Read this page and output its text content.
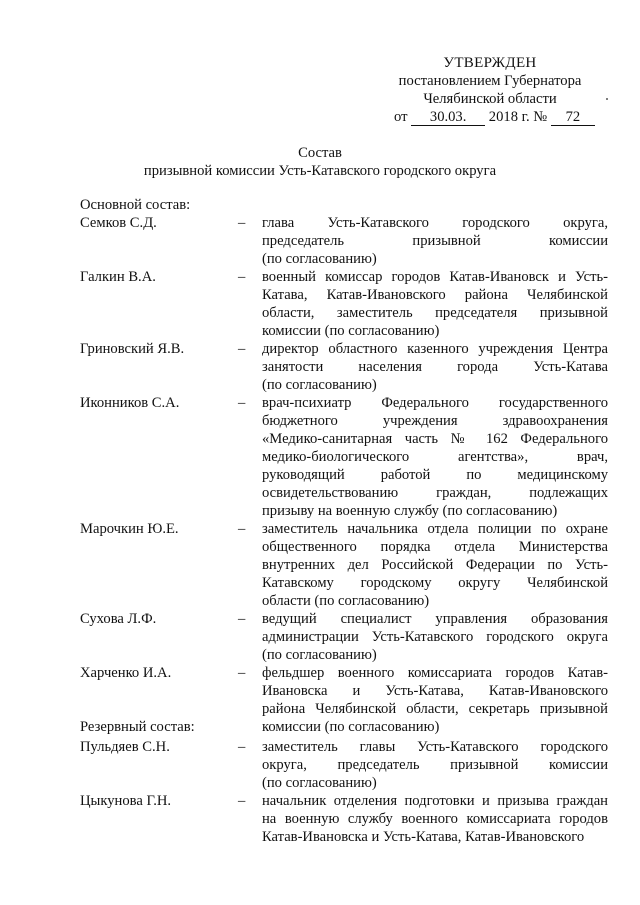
УТВЕРЖДЕН
постановлением Губернатора
Челябинской области
от 30.03. 2018 г. № 72
Состав
призывной комиссии Усть-Катавского городского округа
Основной состав:
Семков С.Д.	–	глава Усть-Катавского городского округа,
председатель призывной комиссии
(по согласованию)
Галкин В.А.	–	военный комиссар городов Катав-Ивановск и Усть-
Катава, Катав-Ивановского района Челябинской
области, заместитель председателя призывной
комиссии (по согласованию)
Гриновский Я.В.	–	директор областного казенного учреждения Центра
занятости населения города Усть-Катава
(по согласованию)
Иконников С.А.	–	врач-психиатр Федерального государственного
бюджетного учреждения здравоохранения
«Медико-санитарная часть № 162 Федерального
медико-биологического агентства», врач,
руководящий работой по медицинскому
освидетельствованию граждан, подлежащих
призыву на военную службу (по согласованию)
Марочкин Ю.Е.	–	заместитель начальника отдела полиции по охране
общественного порядка отдела Министерства
внутренних дел Российской Федерации по Усть-
Катавскому городскому округу Челябинской
области (по согласованию)
Сухова Л.Ф.	–	ведущий специалист управления образования
администрации Усть-Катавского городского округа
(по согласованию)
Харченко И.А.	–	фельдшер военного комиссариата городов Катав-
Ивановска и Усть-Катава, Катав-Ивановского
района Челябинской области, секретарь призывной
комиссии (по согласованию)
Резервный состав:
Пульдяев С.Н.	–	заместитель главы Усть-Катавского городского
округа, председатель призывной комиссии
(по согласованию)
Цыкунова Г.Н.	–	начальник отделения подготовки и призыва граждан
на военную службу военного комиссариата городов
Катав-Ивановска и Усть-Катава, Катав-Ивановского
